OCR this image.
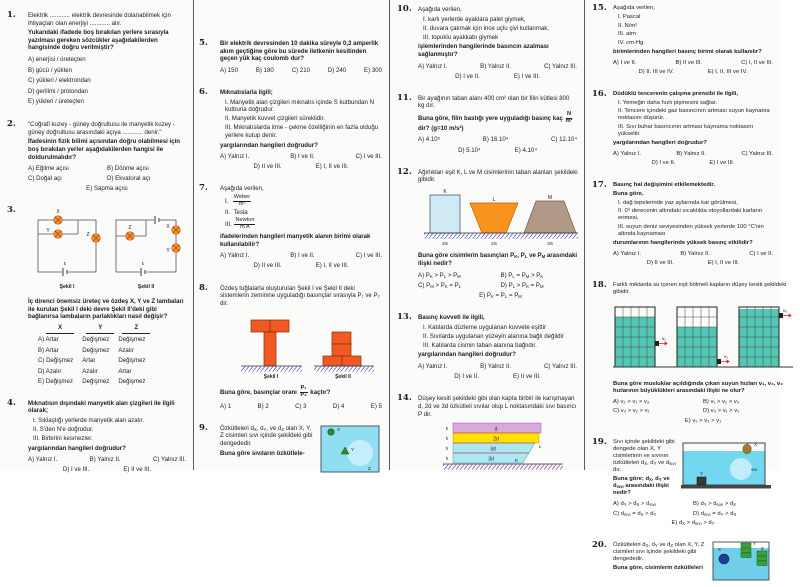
1.	Elektrik ............ elektrik devresinde dolanabilmek için ihtiyaçları olan enerjiyi ............ alır.
Yukarıdaki ifadede boş bırakılan yerlere sırasıyla yazılması gereken sözcükler aşağıdakilerden hangisinde doğru verilmiştir?
A) enerjisi / üreteçten
B) gücü / yükten
C) yükleri / elektrondan
D) gerilimi / protondan
E) yükleri / üreteçten
2.	"Coğrafi kuzey - güney doğrultusu ile manyetik kuzey - güney doğrultusu arasındaki açıya ............ denir."
İfadesinin fizik bilimi açısından doğru olabilmesi için boş bırakılan yerler aşağıdakilerden hangisi ile doldurulmalıdır?
A) Eğilme açısı	B) Dönme açısı
C) Doğal açı	D) Ekvatoral açı
E) Sapma açısı
3.	X
Y
Z
ε
Şekil I
Z	X
Y
ε
Şekil II
İç direnci önemsiz üreteç ve özdeş X, Y ve Z lambaları ile kurulan Şekil I deki devre Şekil II'deki gibi bağlanırsa lambaların parlaklıkları nasıl değişir?
X	Y	Z
A) Artar	Değişmez	Değişmez
B) Artar	Değişmez	Azalır
C) Değişmez	Artar	Değişmez
D) Azalır	Azalır	Artar
E) Değişmez	Değişmez	Değişmez
4.	Mıknatısın dışındaki manyetik alan çizgileri ile ilgili olarak;
I. Sıklaştığı yerlerde manyetik alan azalır.
II. S'den N'e doğrudur.
III. Birbirini kesmezler.
yargılarından hangileri doğrudur?
A) Yalnız I.	B) Yalnız II.	C) Yalnız III.
D) I ve III.	E) II ve III.
5.	Bir elektrik devresinden 10 dakika süreyle 0,3 amperlik akım geçtiğine göre bu sürede iletkenin kesitinden geçen yük kaç coulomb dur?
A) 150	B) 180	C) 210	D) 240	E) 300
6.	Mıknatıslarla ilgili;
I. Manyetik alan çizgileri mıknatıs içinde S kutbundan N kutbuna doğrudur.
II. Manyetik kuvvet çizgileri süreklidir.
III. Mıknatıslarda itme - çekme özelliğinin en fazla olduğu yerlere kutup denir.
yargılarından hangileri doğrudur?
A) Yalnız I.	B) I ve II.	C) I ve III.
D) II ve III.	E) I, II ve III.
7.	Aşağıda verilen,
I. $\frac{\text{Weber}}{\text{m²}}$
II.  Tesla
III. $\frac{\text{Newton}}{\text{m A}}$
ifadelerinden hangileri manyetik alanın birimi olarak kullanılabilir?
A) Yalnız I.	B) I ve II.	C) I ve III.
D) II ve III.	E) I, II ve III.
8.	Özdeş tuğlalarla oluşturulan Şekil I ve Şekil II deki sistemlerin zeminine uyguladığı basınçlar sırasıyla P₁ ve P₂ dir.
Şekil I	Şekil II
Buna göre, basınçlar oranı $\frac{\text{P₁}}{\text{P₂}}$ kaçtır?
A) 1	B) 2	C) 3	D) 4	E) 5
9.	X
Y
Z
Özkütleleri $d_X$, $d_Y$, ve $d_Z$ olan X, Y, Z cisimleri sıvı içinde şekildeki gibi dengededir.
Buna göre sıvıların özkütlele-
10.	Aşağıda verilen,
I. karlı yerlerde ayaklara palet giymek,
II. duvara çakmak için ince uçlu çivi kullanmak,
III. topuklu ayakkabı giymek
işlemlerinden hangilerinde basıncın azalması sağlanmıştır?
A) Yalnız I.	B) Yalnız II.	C) Yalnız III.
D) I ve II.	E) I ve III.
11.	Bir ayağının taban alanı 400 cm² olan bir filin kütlesi 800 kg dır.
Buna göre, filin bastığı yere uyguladığı basınç kaç $\frac{N}{\text{m²}}$
dir? (g=10 m/s²)
A) 4.10⁵	B) 16.10⁴	C) 12.10⁴
D) 5.10⁴	E) 4.10⁴
12.	Ağırlıkları eşit K, L ve M cisimlerinin taban alanları şekildeki gibidir.
K
L	M
2S	2S	3S
Buna göre cisimlerin basınçları $P_K$, $P_L$ ve $P_M$ arasındaki ilişki nedir?
A) $P_K > P_L > P_M$	B) $P_L = P_M > P_K$
C) $P_M > P_K = P_L$	D) $P_L > P_K = P_M$
E) $P_K = P_L = P_M$
13.	Basınç kuvveti ile ilgili,
I. Katılarda düzleme uygulanan kuvvete eşittir
II. Sıvılarda uygulanan yüzeyin alanına bağlı değildir
III. Katılarda cismin taban alanına bağlıdır.
yargılarından hangileri doğrudur?
A) Yalnız I.	B) Yalnız II.	C) Yalnız III.
D) I ve II.	E) II ve III.
14.	Düşey kesiti şekildeki gibi olan kapta birbiri ile karışmayan d, 2d ve 3d özkütleli sıvılar olup L noktasındaki sıvı basıncı P dir.
d
2d
3d
3d
h
h
h
h
L
K
15.	Aşağıda verilen,
I. Pascal
II. N/m²
III. atm
IV. cm-Hg
birimlerinden hangileri basınç birimi olarak kullanılır?
A) I ve II.	B) II ve III.	C) I, II ve III.
D) II, III ve IV.	E) I, II, III ve IV.
16.	Düdüklü tencerenin çalışma prensibi ile ilgili,
I. Yemeğin daha hızlı pişmesini sağlar.
II. Tencere içindeki gaz basıncının artması suyun kaynama noktasını düşürür.
III. Sıvı buhar basıncının artması kaynama noktasını yükseltir.
yargılarından hangileri doğrudur?
A) Yalnız I.	B) Yalnız II.	C) Yalnız III.
D) I ve II.	E) I ve III.
17.	Basınç hal değişimini etkilemektedir.
Buna göre,
I. dağ tepelerinde yaz aylarında kar görülmesi,
II. 0° derecenin altındaki sıcaklıkta otoyollardaki karların erimesi,
III. suyun deniz seviyesinden yüksek yerlerde 100 °C'nin altında kaynaması
durumlarının hangilerinde yüksek basınç etkilidir?
A) Yalnız I.	B) Yalnız II.	C) I ve II.
D) II ve III.	E) I, II ve III.
18.	Farklı miktarda su içeren eşit bölmeli kapların düşey kesiti şekildeki gibidir.
v₁
v₂
v₃
Buna göre musluklar açıldığında çıkan suyun hızları v₁, v₂, v₃ hızlarının büyüklükleri arasındaki ilişki ne olur?
A) v₂ > v₁ > v₃	B) v₁ > v₂ > v₃
C) v₃ > v₂ > v₁	D) v₃ > v₁ > v₂
E) v₂ > v₃ > v₁
19.	X
Y
sıvı
Sıvı içinde şekildeki gibi dengede olan X, Y cisimlerinin ve sıvının özkütleleri $d_X$, $d_Y$ ve $d_{sıvı}$ dır.
Buna göre; $d_X$, $d_Y$ ve $d_{sıvı}$ arasındaki ilişki nedir?
A) $d_Y > d_X > d_{sıvı}$	B) $d_Y > d_{sıvı} > d_X$
C) $d_{sıvı} = d_X > d_Y$	D) $d_{sıvı} = d_Y > d_X$
E) $d_X > d_{sıvı} > d_Y$
20.	X
Y
Z
Özkütleleri $d_X$, $d_Y$ ve $d_Z$ olan X, Y, Z cisimleri sıvı içinde şekildeki gibi dengededir.
Buna göre, cisimlerin özkütleleri
